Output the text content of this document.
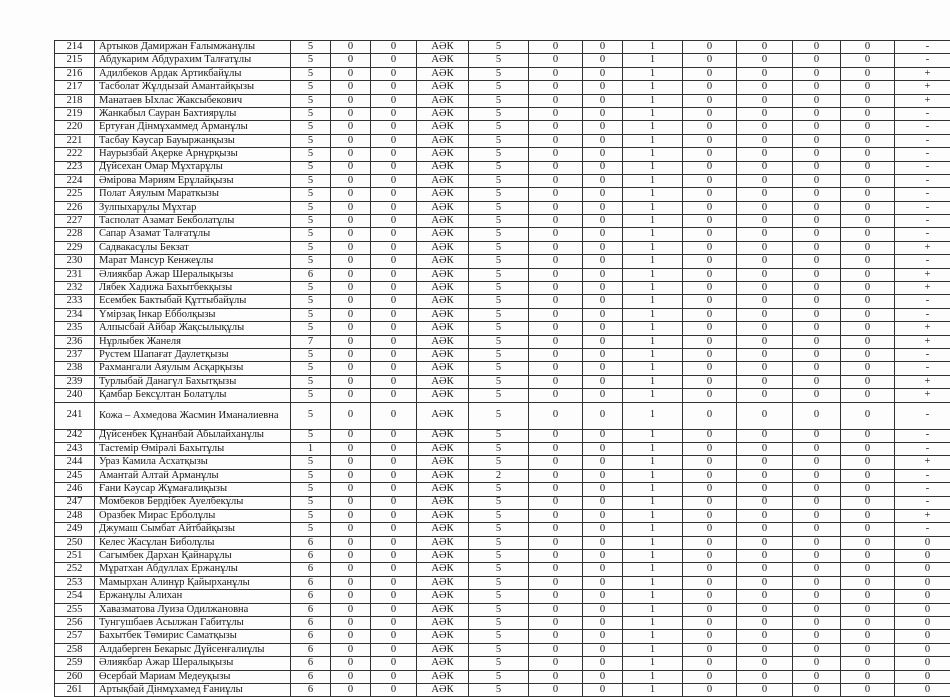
214	Артыков Дамиржан Ғалымжанұлы	5	0	0	АӘК	5	0	0	1	0	0	0	0	-
215	Абдукарим Абдурахим Талғатұлы	5	0	0	АӘК	5	0	0	1	0	0	0	0	-
216	Адилбеков Ардак Артикбайұлы	5	0	0	АӘК	5	0	0	1	0	0	0	0	+
217	Тасболат Жұлдызай Амантайқызы	5	0	0	АӘК	5	0	0	1	0	0	0	0	+
218	Манатаев Ыхлас Жаксыбекович	5	0	0	АӘК	5	0	0	1	0	0	0	0	+
219	Жанкабыл Сауран Бахтиярұлы	5	0	0	АӘК	5	0	0	1	0	0	0	0	-
220	Ертуған Дінмұхаммед Арманұлы	5	0	0	АӘК	5	0	0	1	0	0	0	0	-
221	Тасбау Кәусар Бауыржанқызы	5	0	0	АӘК	5	0	0	1	0	0	0	0	-
222	Наурызбай Ақерке Арнұрқызы	5	0	0	АӘК	5	0	0	1	0	0	0	0	-
223	Дүйсехан Омар Мұхтарұлы	5	0	0	АӘК	5	0	0	1	0	0	0	0	-
224	Әмірова Мәриям Ерұлайқызы	5	0	0	АӘК	5	0	0	1	0	0	0	0	-
225	Полат Аяулым Мараткызы	5	0	0	АӘК	5	0	0	1	0	0	0	0	-
226	Зулпыхарұлы Мұхтар	5	0	0	АӘК	5	0	0	1	0	0	0	0	-
227	Тасполат Азамат Бекболатұлы	5	0	0	АӘК	5	0	0	1	0	0	0	0	-
228	Сапар Азамат Талғатұлы	5	0	0	АӘК	5	0	0	1	0	0	0	0	-
229	Садвакасұлы Бекзат	5	0	0	АӘК	5	0	0	1	0	0	0	0	+
230	Марат Мансур Кенжеұлы	5	0	0	АӘК	5	0	0	1	0	0	0	0	-
231	Әлиякбар Ажар Шералықызы	6	0	0	АӘК	5	0	0	1	0	0	0	0	+
232	Лябек Хадижа Бахытбекқызы	5	0	0	АӘК	5	0	0	1	0	0	0	0	+
233	Есембек Бактыбай Құттыбайұлы	5	0	0	АӘК	5	0	0	1	0	0	0	0	-
234	Үмірзақ Інкар Ебболқызы	5	0	0	АӘК	5	0	0	1	0	0	0	0	-
235	Алпысбай Айбар Жақсылықұлы	5	0	0	АӘК	5	0	0	1	0	0	0	0	+
236	Нұрлыбек Жанеля	7	0	0	АӘК	5	0	0	1	0	0	0	0	+
237	Рустем Шапағат Даулетқызы	5	0	0	АӘК	5	0	0	1	0	0	0	0	-
238	Рахмангали Аяулым Асқарқызы	5	0	0	АӘК	5	0	0	1	0	0	0	0	-
239	Турлыбай Данагүл Бахытқызы	5	0	0	АӘК	5	0	0	1	0	0	0	0	+
240	Қамбар Бексұлтан Болатұлы	5	0	0	АӘК	5	0	0	1	0	0	0	0	+
241	Кожа – Ахмедова Жасмин Иманалиевна	5	0	0	АӘК	5	0	0	1	0	0	0	0	-
242	Дүйсенбек Құнанбай Абылайханұлы	5	0	0	АӘК	5	0	0	1	0	0	0	0	-
243	Тастемір Өмірәлі Бахытұлы	1	0	0	АӘК	5	0	0	1	0	0	0	0	-
244	Ураз Камила Асхатқызы	5	0	0	АӘК	5	0	0	1	0	0	0	0	+
245	Амантай Алтай Арманұлы	5	0	0	АӘК	2	0	0	1	0	0	0	0	-
246	Ғани Кәусар Жұмағалиқызы	5	0	0	АӘК	5	0	0	1	0	0	0	0	-
247	Момбеков Бердібек Ауелбекұлы	5	0	0	АӘК	5	0	0	1	0	0	0	0	-
248	Оразбек Мирас Ерболұлы	5	0	0	АӘК	5	0	0	1	0	0	0	0	+
249	Джумаш Сымбат Айтбайқызы	5	0	0	АӘК	5	0	0	1	0	0	0	0	-
250	Келес Жасұлан Биболұлы	6	0	0	АӘК	5	0	0	1	0	0	0	0	0
251	Сагымбек Дархан Қайнарұлы	6	0	0	АӘК	5	0	0	1	0	0	0	0	0
252	Мұратхан Абдуллах Ержанұлы	6	0	0	АӘК	5	0	0	1	0	0	0	0	0
253	Мамырхан Алинұр Қайырханұлы	6	0	0	АӘК	5	0	0	1	0	0	0	0	0
254	Ержанұлы Алихан	6	0	0	АӘК	5	0	0	1	0	0	0	0	0
255	Хавазматова Луиза Одилжановна	6	0	0	АӘК	5	0	0	1	0	0	0	0	0
256	Тунгушбаев Асылжан Габитұлы	6	0	0	АӘК	5	0	0	1	0	0	0	0	0
257	Бахытбек Төмирис Саматқызы	6	0	0	АӘК	5	0	0	1	0	0	0	0	0
258	Алдаберген Бекарыс Дүйсенғалиұлы	6	0	0	АӘК	5	0	0	1	0	0	0	0	0
259	Әлиякбар Ажар Шералықызы	6	0	0	АӘК	5	0	0	1	0	0	0	0	0
260	Өсербай Мариам Медеуқызы	6	0	0	АӘК	5	0	0	1	0	0	0	0	0
261	Артықбай Дінмұхамед Ғаниұлы	6	0	0	АӘК	5	0	0	1	0	0	0	0	0
